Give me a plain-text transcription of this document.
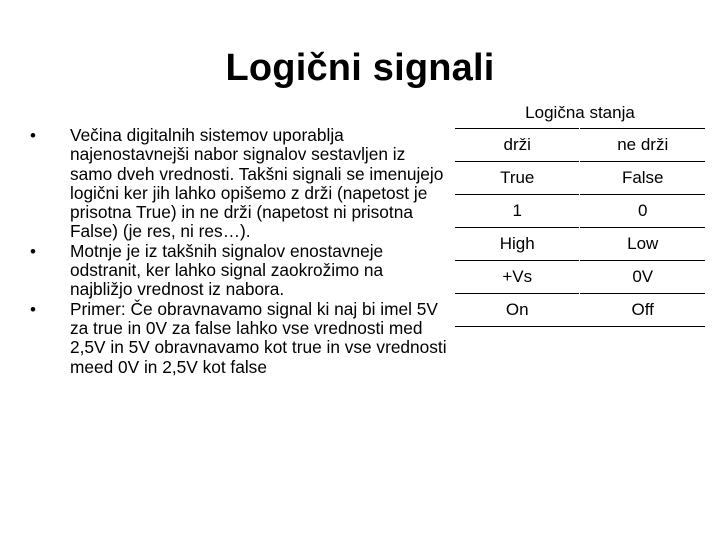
Logični signali
•	Večina digitalnih sistemov uporablja najenostavnejši nabor signalov sestavljen iz samo dveh vrednosti. Takšni signali se imenujejo logični ker jih lahko opišemo z drži (napetost je prisotna True) in ne drži (napetost ni prisotna False) (je res, ni res…).
•	Motnje je iz takšnih signalov enostavneje odstranit, ker lahko signal zaokrožimo na najbližjo vrednost iz nabora.
•	Primer: Če obravnavamo signal ki naj bi imel 5V za true in 0V za false lahko vse vrednosti med 2,5V in 5V obravnavamo kot true in vse vrednosti meed 0V in 2,5V kot false
Logična stanja
drži	ne drži
True	False
1	0
High	Low
+Vs	0V
On	Off
